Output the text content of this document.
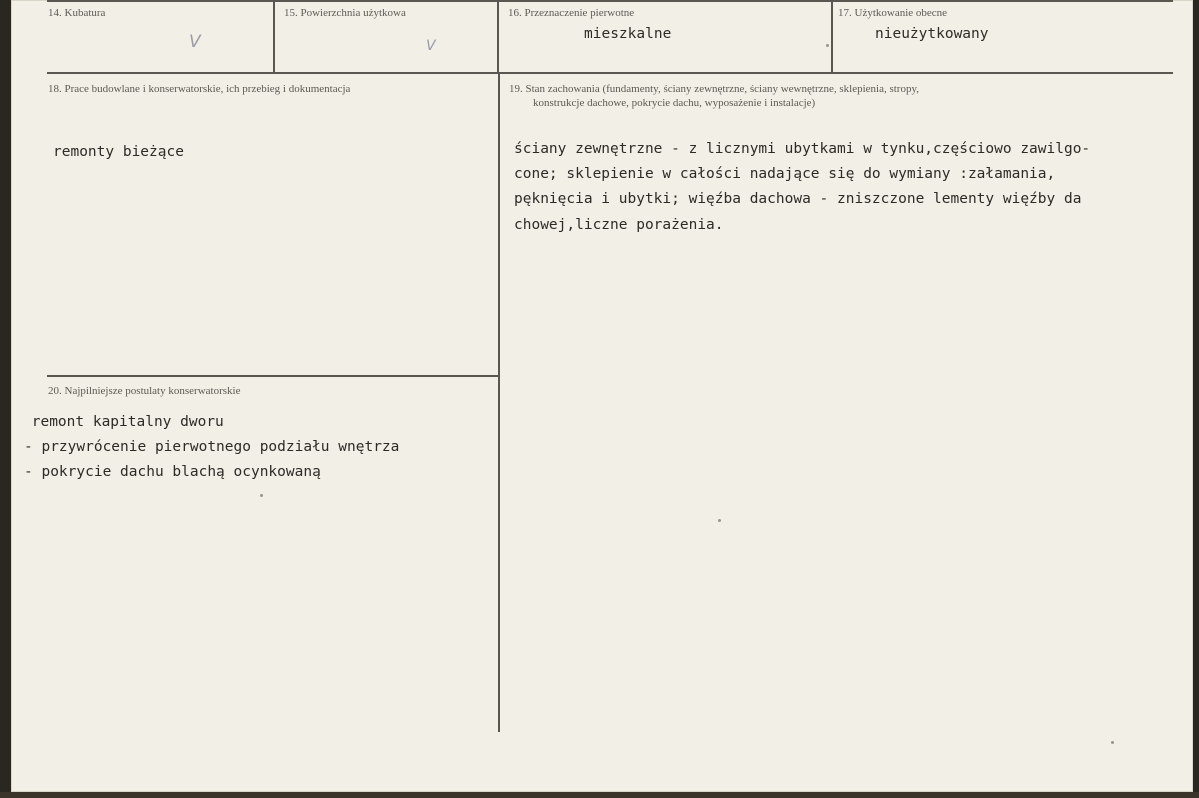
14. Kubatura
V
15. Powierzchnia użytkowa
V
16. Przeznaczenie pierwotne
mieszkalne
17. Użytkowanie obecne
nieużytkowany
18. Prace budowlane i konserwatorskie, ich przebieg i dokumentacja
remonty bieżące
19. Stan zachowania (fundamenty, ściany zewnętrzne, ściany wewnętrzne, sklepienia, stropy,
konstrukcje dachowe, pokrycie dachu, wyposażenie i instalacje)
ściany zewnętrzne - z licznymi ubytkami w tynku,częściowo zawilgo-
cone; sklepienie w całości nadające się do wymiany :załamania,
pęknięcia i ubytki; więźba dachowa - zniszczone lementy więźby da
chowej,liczne porażenia.
20. Najpilniejsze postulaty konserwatorskie
remont kapitalny dworu
- przywrócenie pierwotnego podziału wnętrza
- pokrycie dachu blachą ocynkowaną
